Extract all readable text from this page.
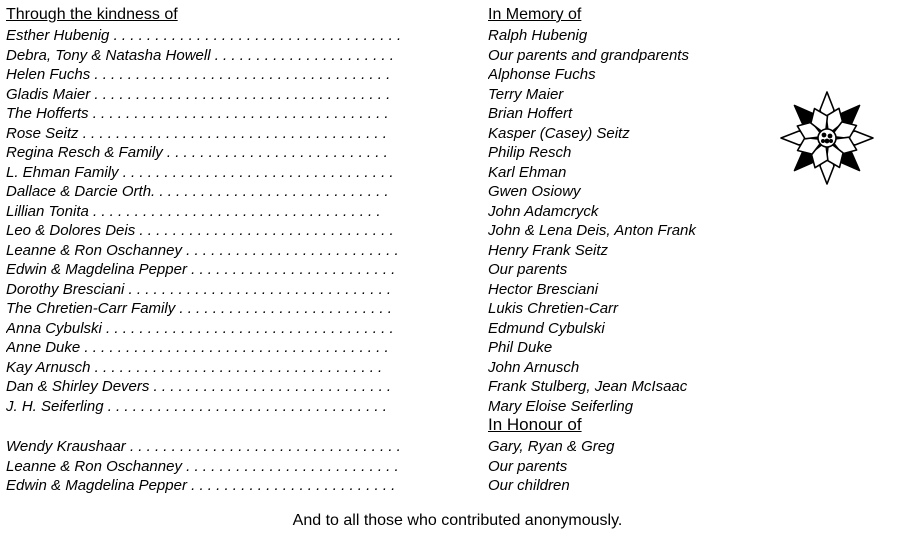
Through the kindness of	In Memory of
Esther Hubenig . . . . . . . . . . . . . . . . . . . . . . . . . . . . . . . . . . .
Debra, Tony & Natasha Howell . . . . . . . . . . . . . . . . . . . . . .
Helen Fuchs . . . . . . . . . . . . . . . . . . . . . . . . . . . . . . . . . . . .
Gladis Maier . . . . . . . . . . . . . . . . . . . . . . . . . . . . . . . . . . . .
The Hofferts . . . . . . . . . . . . . . . . . . . . . . . . . . . . . . . . . . . .
Rose Seitz . . . . . . . . . . . . . . . . . . . . . . . . . . . . . . . . . . . . .
Regina Resch & Family . . . . . . . . . . . . . . . . . . . . . . . . . . .
L. Ehman Family . . . . . . . . . . . . . . . . . . . . . . . . . . . . . . . . .
Dallace & Darcie Orth. . . . . . . . . . . . . . . . . . . . . . . . . . . . .
Lillian Tonita . . . . . . . . . . . . . . . . . . . . . . . . . . . . . . . . . . .
Leo & Dolores Deis . . . . . . . . . . . . . . . . . . . . . . . . . . . . . . .
Leanne & Ron Oschanney . . . . . . . . . . . . . . . . . . . . . . . . . .
Edwin & Magdelina Pepper . . . . . . . . . . . . . . . . . . . . . . . . .
Dorothy Bresciani . . . . . . . . . . . . . . . . . . . . . . . . . . . . . . . .
The Chretien-Carr Family . . . . . . . . . . . . . . . . . . . . . . . . . .
Anna Cybulski . . . . . . . . . . . . . . . . . . . . . . . . . . . . . . . . . . .
Anne Duke . . . . . . . . . . . . . . . . . . . . . . . . . . . . . . . . . . . . .
Kay Arnusch . . . . . . . . . . . . . . . . . . . . . . . . . . . . . . . . . . .
Dan & Shirley Devers . . . . . . . . . . . . . . . . . . . . . . . . . . . . .
J. H. Seiferling . . . . . . . . . . . . . . . . . . . . . . . . . . . . . . . . . .
Ralph Hubenig
Our parents and grandparents
Alphonse Fuchs
Terry Maier
Brian Hoffert
Kasper (Casey) Seitz
Philip Resch
Karl Ehman
Gwen Osiowy
John Adamcryck
John & Lena Deis, Anton Frank
Henry Frank Seitz
Our parents
Hector Bresciani
Lukis Chretien-Carr
Edmund Cybulski
Phil Duke
John Arnusch
Frank Stulberg, Jean McIsaac
Mary Eloise Seiferling
In Honour of
Wendy Kraushaar . . . . . . . . . . . . . . . . . . . . . . . . . . . . . . . . .
Leanne & Ron Oschanney . . . . . . . . . . . . . . . . . . . . . . . . . .
Edwin & Magdelina Pepper . . . . . . . . . . . . . . . . . . . . . . . . .
Gary, Ryan & Greg
Our parents
Our children
And to all those who contributed anonymously.
